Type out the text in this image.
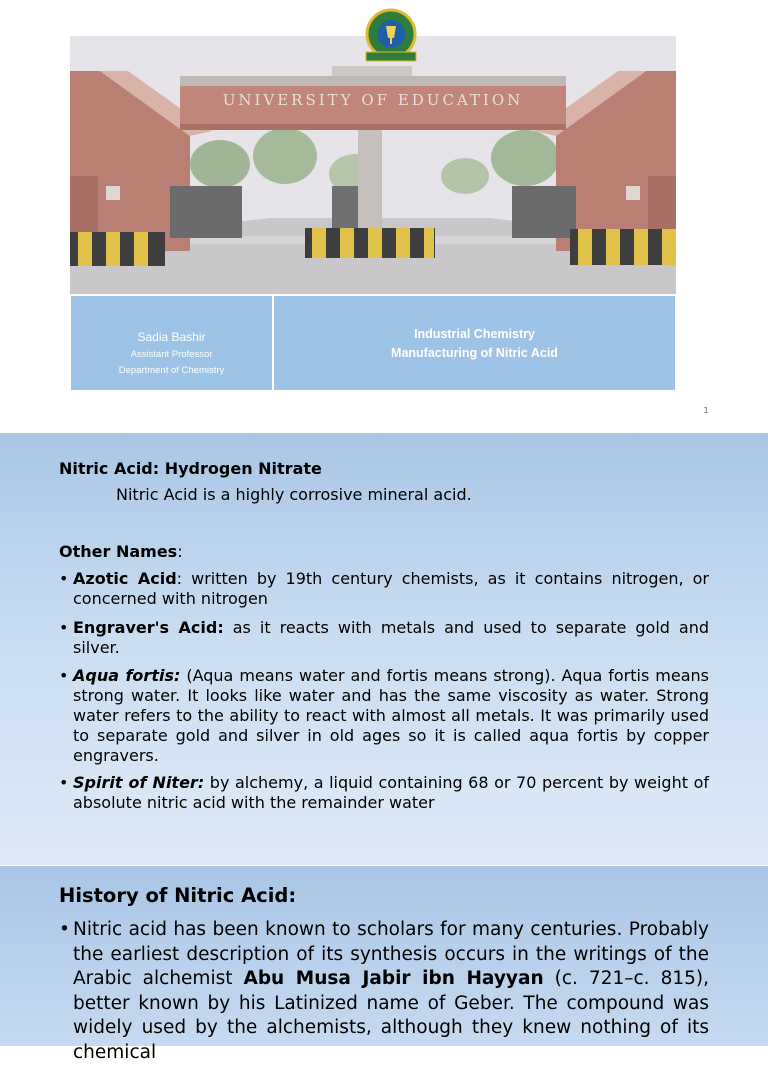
UNIVERSITY OF EDUCATION
Sadia Bashir
Assistant Professor
Department of Chemistry
Industrial Chemistry
Manufacturing of Nitric Acid
1
Nitric Acid: Hydrogen Nitrate
Nitric Acid is a highly corrosive mineral acid.
Other Names:
• Azotic Acid: written by 19th century chemists, as it contains nitrogen, or concerned with nitrogen
• Engraver's Acid: as it reacts with metals and used to separate gold and silver.
• Aqua fortis: (Aqua means water and fortis means strong). Aqua fortis means strong water. It looks like water and has the same viscosity as water. Strong water refers to the ability to react with almost all metals. It was primarily used to separate gold and silver in old ages so it is called aqua fortis by copper engravers.
• Spirit of Niter: by alchemy, a liquid containing 68 or 70 percent by weight of absolute nitric acid with the remainder water
History of Nitric Acid:
• Nitric acid has been known to scholars for many centuries. Probably the earliest description of its synthesis occurs in the writings of the Arabic alchemist Abu Musa Jabir ibn Hayyan (c. 721–c. 815), better known by his Latinized name of Geber. The compound was widely used by the alchemists, although they knew nothing of its chemical
